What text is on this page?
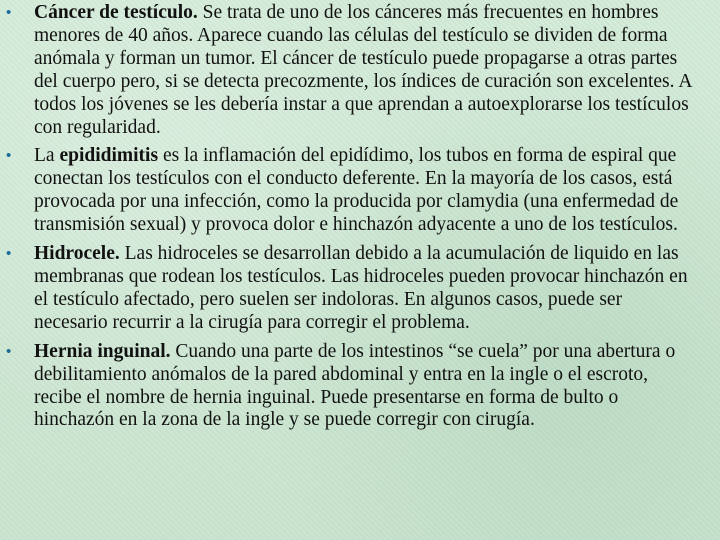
•	Cáncer de testículo. Se trata de uno de los cánceres más frecuentes en hombres menores de 40 años. Aparece cuando las células del testículo se dividen de forma anómala y forman un tumor. El cáncer de testículo puede propagarse a otras partes del cuerpo pero, si se detecta precozmente, los índices de curación son excelentes. A todos los jóvenes se les debería instar a que aprendan a autoexplorarse los testículos con regularidad.
•	La epididimitis es la inflamación del epidídimo, los tubos en forma de espiral que conectan los testículos con el conducto deferente. En la mayoría de los casos, está provocada por una infección, como la producida por clamydia (una enfermedad de transmisión sexual) y provoca dolor e hinchazón adyacente a uno de los testículos.
•	Hidrocele. Las hidroceles se desarrollan debido a la acumulación de liquido en las membranas que rodean los testículos. Las hidroceles pueden provocar hinchazón en el testículo afectado, pero suelen ser indoloras. En algunos casos, puede ser necesario recurrir a la cirugía para corregir el problema.
•	Hernia inguinal. Cuando una parte de los intestinos “se cuela” por una abertura o debilitamiento anómalos de la pared abdominal y entra en la ingle o el escroto, recibe el nombre de hernia inguinal. Puede presentarse en forma de bulto o hinchazón en la zona de la ingle y se puede corregir con cirugía.
